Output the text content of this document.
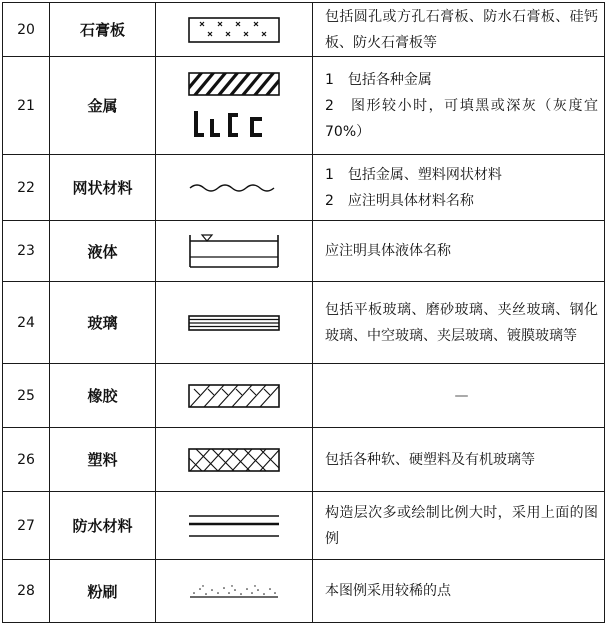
20	石膏板		包括圆孔或方孔石膏板、防水石膏板、硅钙板、防火石膏板等

21	金属		1　包括各种金属
2　图形较小时，可填黑或深灰（灰度宜70%）

22	网状材料		1　包括金属、塑料网状材料
2　应注明具体材料名称

23	液体		应注明具体液体名称

24	玻璃		包括平板玻璃、磨砂玻璃、夹丝玻璃、钢化玻璃、中空玻璃、夹层玻璃、镀膜玻璃等

25	橡胶		—

26	塑料		包括各种软、硬塑料及有机玻璃等

27	防水材料		构造层次多或绘制比例大时，采用上面的图例

28	粉刷		本图例采用较稀的点
